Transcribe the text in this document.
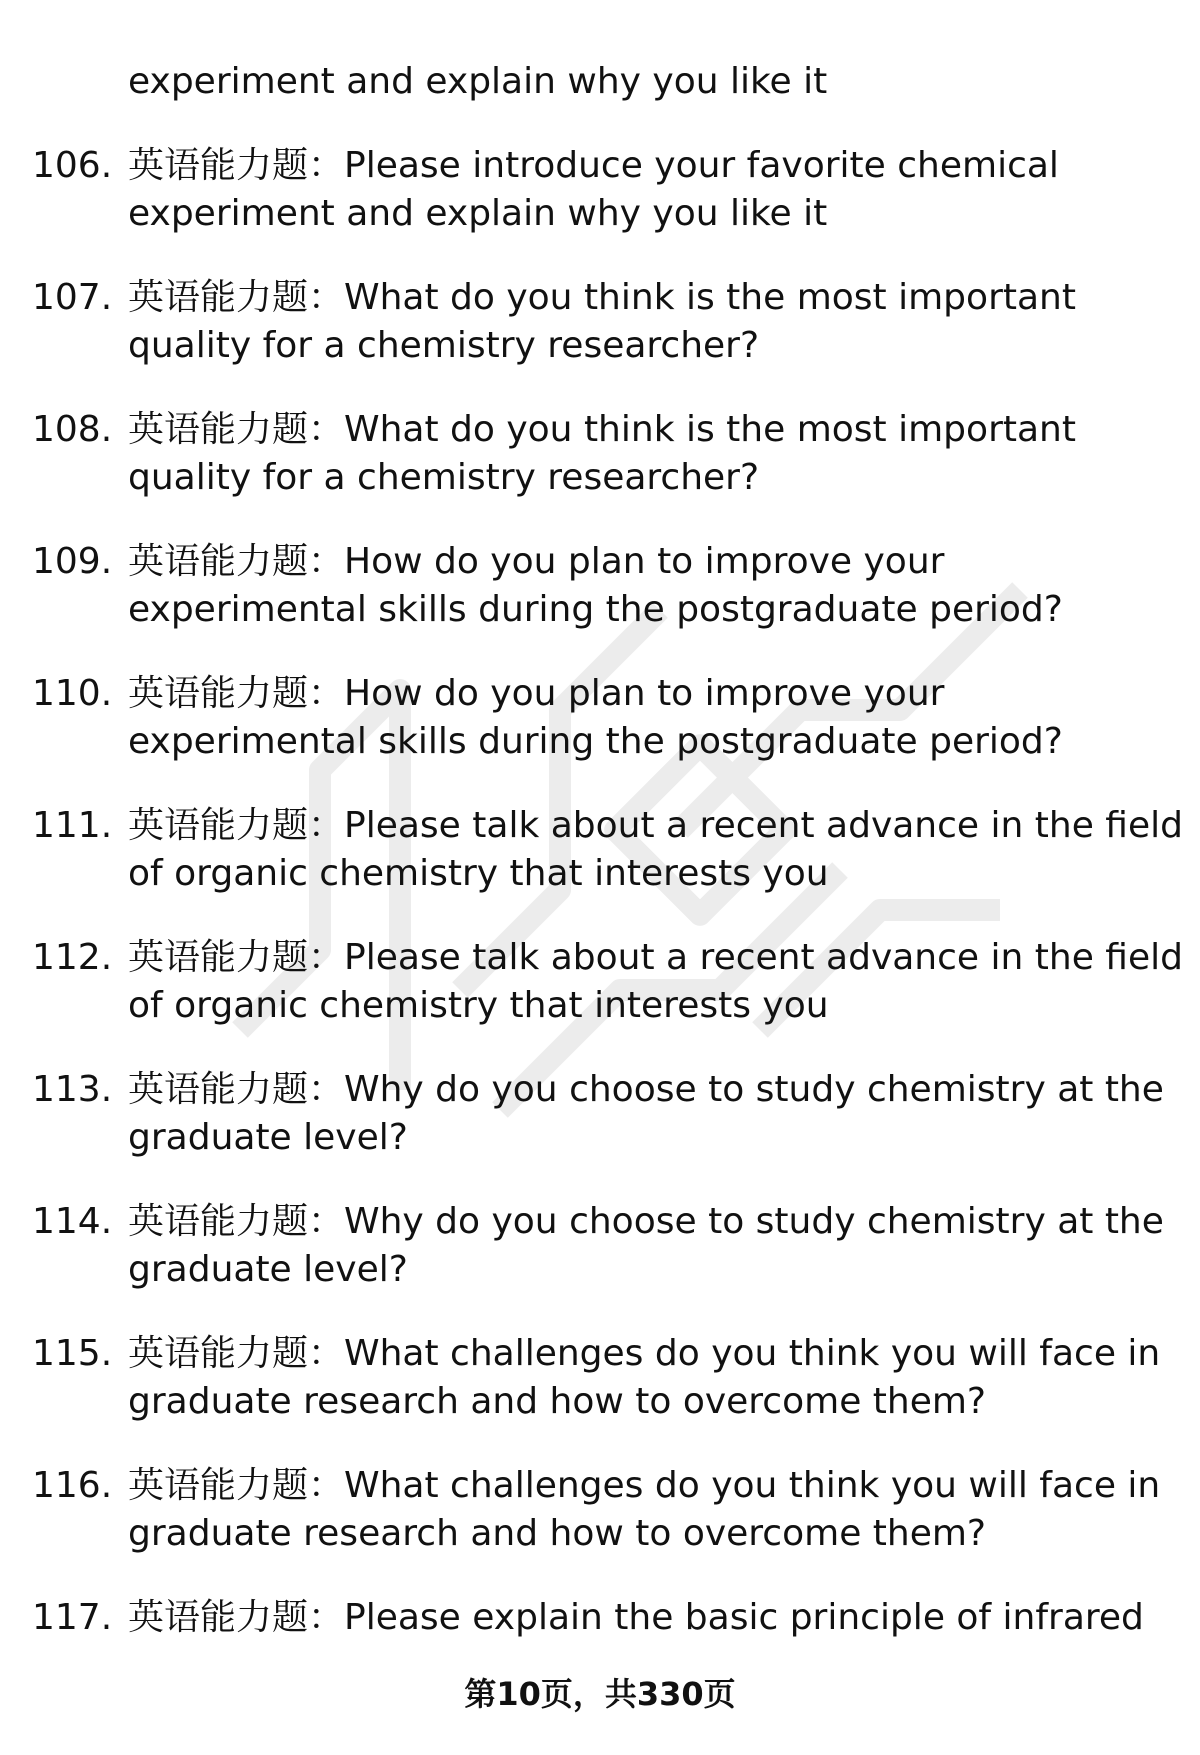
experiment and explain why you like it
106. 英语能力题：Please introduce your favorite chemical
experiment and explain why you like it
107. 英语能力题：What do you think is the most important
quality for a chemistry researcher?
108. 英语能力题：What do you think is the most important
quality for a chemistry researcher?
109. 英语能力题：How do you plan to improve your
experimental skills during the postgraduate period?
110. 英语能力题：How do you plan to improve your
experimental skills during the postgraduate period?
111. 英语能力题：Please talk about a recent advance in the field
of organic chemistry that interests you
112. 英语能力题：Please talk about a recent advance in the field
of organic chemistry that interests you
113. 英语能力题：Why do you choose to study chemistry at the
graduate level?
114. 英语能力题：Why do you choose to study chemistry at the
graduate level?
115. 英语能力题：What challenges do you think you will face in
graduate research and how to overcome them?
116. 英语能力题：What challenges do you think you will face in
graduate research and how to overcome them?
117. 英语能力题：Please explain the basic principle of infrared
第10页，共330页
